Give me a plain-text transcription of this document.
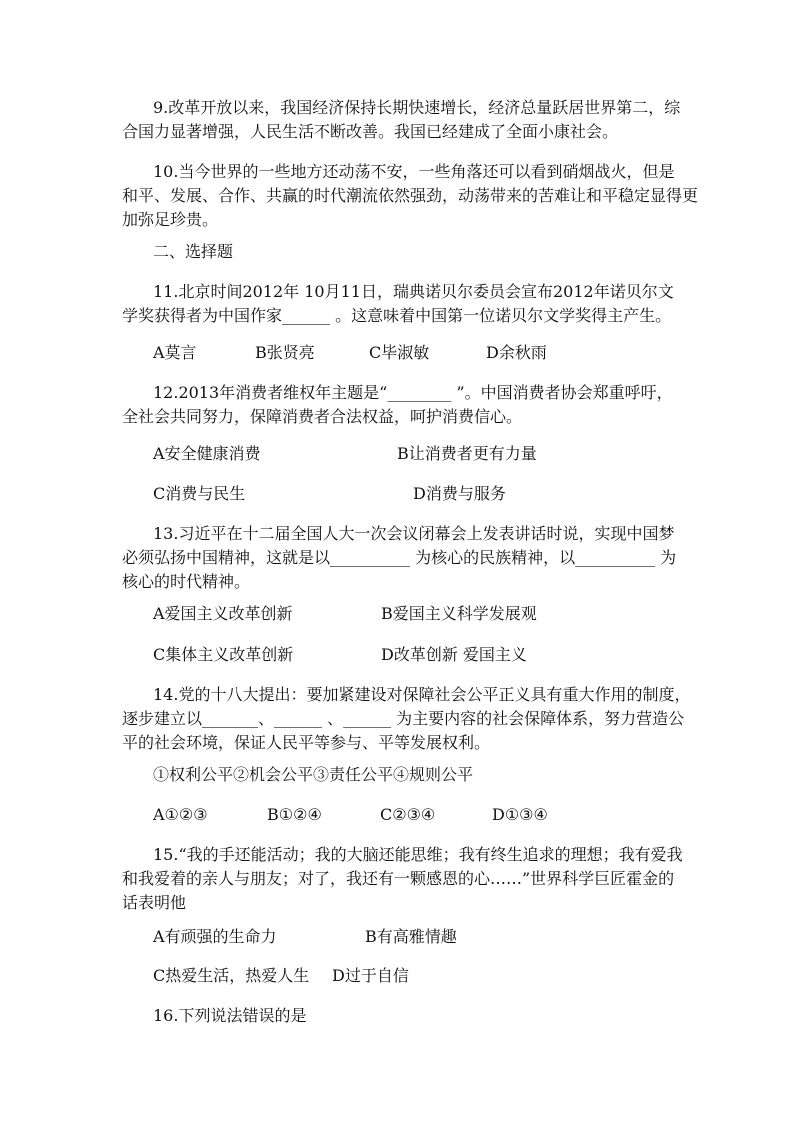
9.改革开放以来，我国经济保持长期快速增长，经济总量跃居世界第二，综
合国力显著增强，人民生活不断改善。我国已经建成了全面小康社会。
10.当今世界的一些地方还动荡不安，一些角落还可以看到硝烟战火，但是
和平、发展、合作、共赢的时代潮流依然强劲，动荡带来的苦难让和平稳定显得更
加弥足珍贵。
二、选择题
11.北京时间2012年 10月11日，瑞典诺贝尔委员会宣布2012年诺贝尔文
学奖获得者为中国作家______ 。这意味着中国第一位诺贝尔文学奖得主产生。
A莫言	B张贤亮	C毕淑敏	D余秋雨
12.2013年消费者维权年主题是“________ ”。中国消费者协会郑重呼吁，
全社会共同努力，保障消费者合法权益，呵护消费信心。
A安全健康消费	B让消费者更有力量
C消费与民生	D消费与服务
13.习近平在十二届全国人大一次会议闭幕会上发表讲话时说，实现中国梦
必须弘扬中国精神，这就是以__________ 为核心的民族精神，以__________ 为
核心的时代精神。
A爱国主义改革创新	B爱国主义科学发展观
C集体主义改革创新	D改革创新 爱国主义
14.党的十八大提出：要加紧建设对保障社会公平正义具有重大作用的制度，
逐步建立以_______、______ 、______ 为主要内容的社会保障体系，努力营造公
平的社会环境，保证人民平等参与、平等发展权利。
①权利公平②机会公平③责任公平④规则公平
A①②③	B①②④	C②③④	D①③④
15.“我的手还能活动；我的大脑还能思维；我有终生追求的理想；我有爱我
和我爱着的亲人与朋友；对了，我还有一颗感恩的心……”世界科学巨匠霍金的
话表明他
A有顽强的生命力	B有高雅情趣
C热爱生活，热爱人生 D过于自信
16.下列说法错误的是
